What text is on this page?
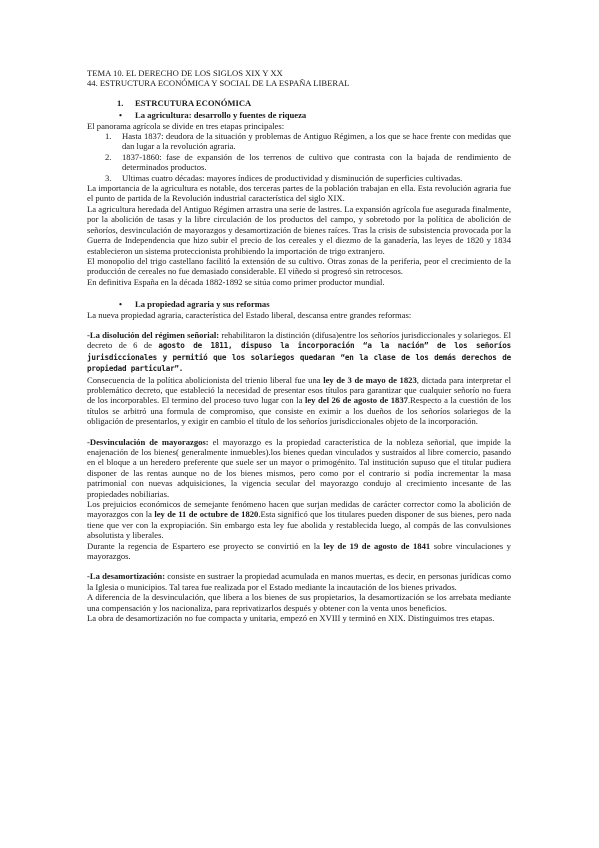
TEMA 10. EL DERECHO DE LOS SIGLOS XIX Y XX

44. ESTRUCTURA ECONÓMICA Y SOCIAL DE LA ESPAÑA LIBERAL

1. ESTRCUTURA ECONÓMICA
• La agricultura: desarrollo y fuentes de riqueza

El panorama agrícola se divide en tres etapas principales:

1. Hasta 1837: deudora de la situación y problemas de Antiguo Régimen, a los que se hace frente con medidas que dan lugar a la revolución agraria.
2. 1837-1860: fase de expansión de los terrenos de cultivo que contrasta con la bajada de rendimiento de determinados productos.
3. Ultimas cuatro décadas: mayores índices de productividad y disminución de superficies cultivadas.

La importancia de la agricultura es notable, dos terceras partes de la población trabajan en ella. Esta revolución agraria fue el punto de partida de la Revolución industrial característica del siglo XIX.

La agricultura heredada del Antiguo Régimen arrastra una serie de lastres. La expansión agrícola fue asegurada finalmente, por la abolición de tasas y la libre circulación de los productos del campo, y sobretodo por la política de abolición de señoríos, desvinculación de mayorazgos y desamortización de bienes raíces. Tras la crisis de subsistencia provocada por la Guerra de Independencia que hizo subir el precio de los cereales y el diezmo de la ganadería, las leyes de 1820 y 1834 establecieron un sistema proteccionista prohibiendo la importación de trigo extranjero.

El monopolio del trigo castellano facilitó la extensión de su cultivo. Otras zonas de la periferia, peor el crecimiento de la producción de cereales no fue demasiado considerable. El viñedo si progresó sin retrocesos.

En definitiva España en la década 1882-1892 se sitúa como primer productor mundial.

• La propiedad agraria y sus reformas

La nueva propiedad agraria, característica del Estado liberal, descansa entre grandes reformas:

-La disolución del régimen señorial: rehabilitaron la distinción (difusa)entre los señoríos jurisdiccionales y solariegos. El decreto de 6 de agosto de 1811, dispuso la incorporación “a la nación” de los señoríos jurisdiccionales y permitió que los solariegos quedaran “en la clase de los demás derechos de propiedad particular”.

Consecuencia de la política abolicionista del trienio liberal fue una ley de 3 de mayo de 1823, dictada para interpretar el problemático decreto, que estableció la necesidad de presentar esos títulos para garantizar que cualquier señorío no fuera de los incorporables. El termino del proceso tuvo lugar con la ley del 26 de agosto de 1837.Respecto a la cuestión de los títulos se arbitró una formula de compromiso, que consiste en eximir a los dueños de los señoríos solariegos de la obligación de presentarlos, y exigir en cambio el título de los señoríos jurisdiccionales objeto de la incorporación.

-Desvinculación de mayorazgos: el mayorazgo es la propiedad característica de la nobleza señorial, que impide la enajenación de los bienes( generalmente inmuebles).los bienes quedan vinculados y sustraídos al libre comercio, pasando en el bloque a un heredero preferente que suele ser un mayor o primogénito. Tal institución supuso que el titular pudiera disponer de las rentas aunque no de los bienes mismos, pero como por el contrario si podía incrementar la masa patrimonial con nuevas adquisiciones, la vigencia secular del mayorazgo condujo al crecimiento incesante de las propiedades nobiliarias.

Los prejuicios económicos de semejante fenómeno hacen que surjan medidas de carácter corrector como la abolición de mayorazgos con la ley de 11 de octubre de 1820.Esta significó que los titulares pueden disponer de sus bienes, pero nada tiene que ver con la expropiación. Sin embargo esta ley fue abolida y restablecida luego, al compás de las convulsiones absolutista y liberales.

Durante la regencia de Espartero ese proyecto se convirtió en la ley de 19 de agosto de 1841 sobre vinculaciones y mayorazgos.

-La desamortización: consiste en sustraer la propiedad acumulada en manos muertas, es decir, en personas jurídicas como la Iglesia o municipios. Tal tarea fue realizada por el Estado mediante la incautación de los bienes privados.

A diferencia de la desvinculación, que libera a los bienes de sus propietarios, la desamortización se los arrebata mediante una compensación y los nacionaliza, para reprivatizarlos después y obtener con la venta unos beneficios.

La obra de desamortización no fue compacta y unitaria, empezó en XVIII y terminó en XIX. Distinguimos tres etapas.
